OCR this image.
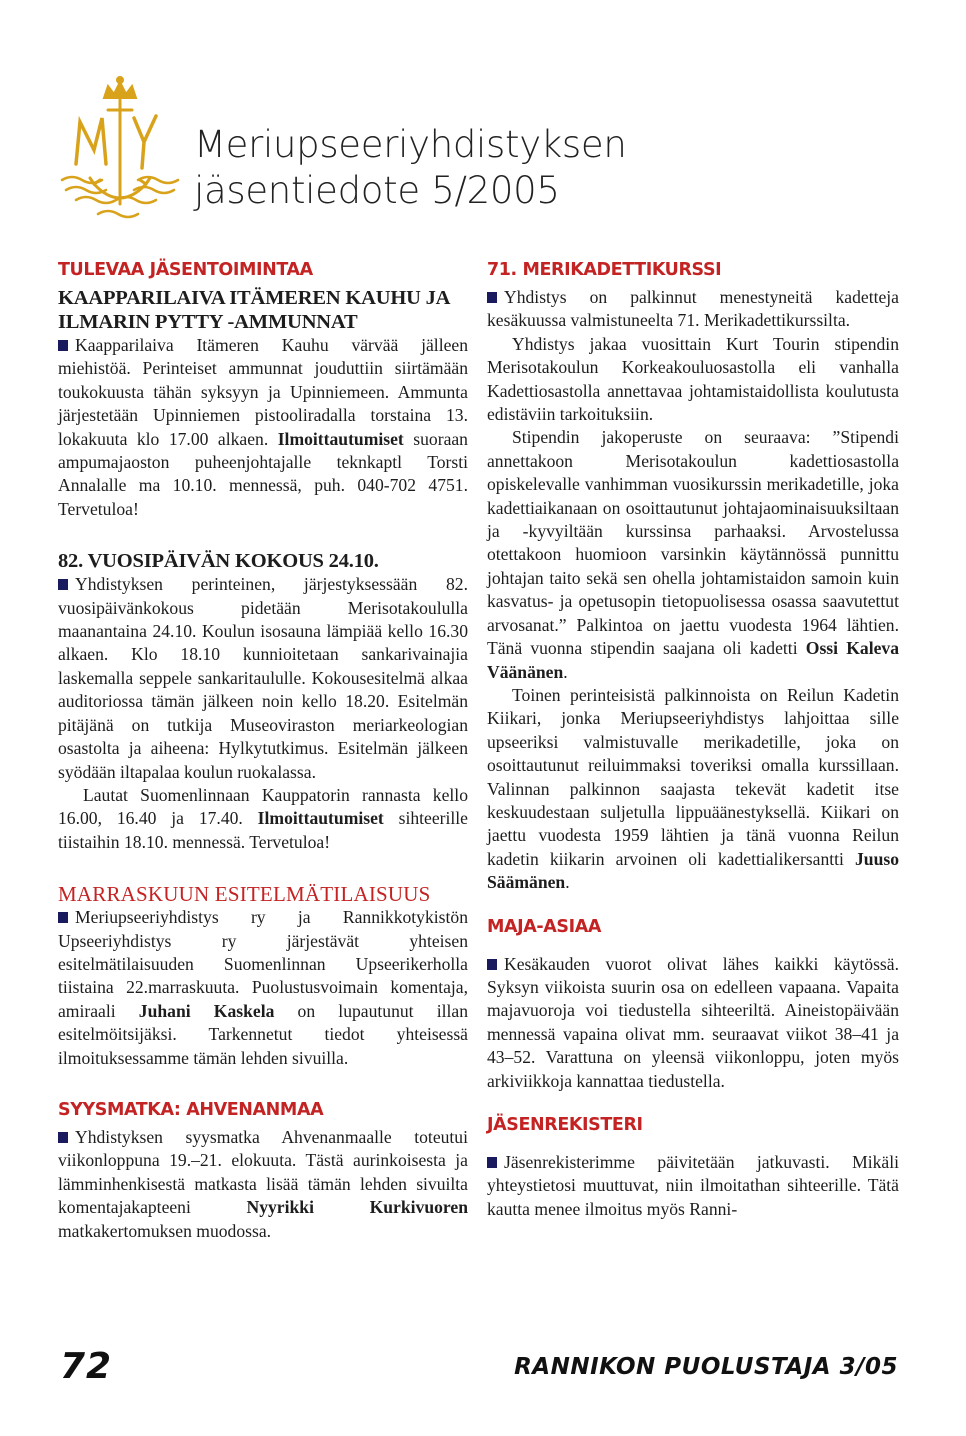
Meriupseeriyhdistyksen
jäsentiedote 5/2005
TULEVAA JÄSENTOIMINTAA
KAAPPARILAIVA ITÄMEREN KAUHU JA ILMARIN PYTTY -AMMUNNAT

Kaapparilaiva Itämeren Kauhu värvää jälleen miehistöä. Perinteiset ammunnat jouduttiin siirtämään toukokuusta tähän syksyyn ja Upinniemeen. Ammunta järjestetään Upinniemen pistooliradalla torstaina 13. lokakuuta klo 17.00 alkaen. Ilmoittautumiset suoraan ampumajaoston puheenjohtajalle teknkaptl Torsti Annalalle ma 10.10. mennessä, puh. 040-702 4751. Tervetuloa!

82. VUOSIPÄIVÄN KOKOUS 24.10.

Yhdistyksen perinteinen, järjestyksessään 82. vuosipäivänkokous pidetään Merisotakoululla maanantaina 24.10. Koulun isosauna lämpiää kello 16.30 alkaen. Klo 18.10 kunnioitetaan sankarivainajia laskemalla seppele sankaritaululle. Kokousesitelmä alkaa auditoriossa tämän jälkeen noin kello 18.20. Esitelmän pitäjänä on tutkija Museoviraston meriarkeologian osastolta ja aiheena: Hylkytutkimus. Esitelmän jälkeen syödään iltapalaa koulun ruokalassa.

Lautat Suomenlinnaan Kauppatorin rannasta kello 16.00, 16.40 ja 17.40. Ilmoittautumiset sihteerille tiistaihin 18.10. mennessä. Tervetuloa!

MARRASKUUN ESITELMÄTILAISUUS

Meriupseeriyhdistys ry ja Rannikkotykistön Upseeriyhdistys ry järjestävät yhteisen esitelmätilaisuuden Suomenlinnan Upseerikerholla tiistaina 22.marraskuuta. Puolustusvoimain komentaja, amiraali Juhani Kaskela on lupautunut illan esitelmöitsijäksi. Tarkennetut tiedot yhteisessä ilmoituksessamme tämän lehden sivuilla.

SYYSMATKA: AHVENANMAA

Yhdistyksen syysmatka Ahvenanmaalle toteutui viikonloppuna 19.–21. elokuuta. Tästä aurinkoisesta ja lämminhenkisestä matkasta lisää tämän lehden sivuilta komentajakapteeni Nyyrikki Kurkivuoren matkakertomuksen muodossa.

71. MERIKADETTIKURSSI

Yhdistys on palkinnut menestyneitä kadetteja kesäkuussa valmistuneelta 71. Merikadettikurssilta.

Yhdistys jakaa vuosittain Kurt Tourin stipendin Merisotakoulun Korkeakouluosastolla eli vanhalla Kadettiosastolla annettavaa johtamistaidollista koulutusta edistäviin tarkoituksiin.

Stipendin jakoperuste on seuraava: ”Stipendi annettakoon Merisotakoulun kadettiosastolla opiskelevalle vanhimman vuosikurssin merikadetille, joka kadettiaikanaan on osoittautunut johtajaominaisuuksiltaan ja -kyvyiltään kurssinsa parhaaksi. Arvostelussa otettakoon huomioon varsinkin käytännössä punnittu johtajan taito sekä sen ohella johtamistaidon samoin kuin kasvatus- ja opetusopin tietopuolisessa osassa saavutettut arvosanat.” Palkintoa on jaettu vuodesta 1964 lähtien. Tänä vuonna stipendin saajana oli kadetti Ossi Kaleva Väänänen.

Toinen perinteisistä palkinnoista on Reilun Kadetin Kiikari, jonka Meriupseeriyhdistys lahjoittaa sille upseeriksi valmistuvalle merikadetille, joka on osoittautunut reiluimmaksi toveriksi omalla kurssillaan. Valinnan palkinnon saajasta tekevät kadetit itse keskuudestaan suljetulla lippuäänestyksellä. Kiikari on jaettu vuodesta 1959 lähtien ja tänä vuonna Reilun kadetin kiikarin arvoinen oli kadettialikersantti Juuso Säämänen.

MAJA-ASIAA

Kesäkauden vuorot olivat lähes kaikki käytössä. Syksyn viikoista suurin osa on edelleen vapaana. Vapaita majavuoroja voi tiedustella sihteeriltä. Aineistopäivään mennessä vapaina olivat mm. seuraavat viikot 38–41 ja 43–52. Varattuna on yleensä viikonloppu, joten myös arkiviikkoja kannattaa tiedustella.

JÄSENREKISTERI

Jäsenrekisterimme päivitetään jatkuvasti. Mikäli yhteystietosi muuttuvat, niin ilmoitathan sihteerille. Tätä kautta menee ilmoitus myös Ranni-

72	RANNIKON PUOLUSTAJA 3/05
